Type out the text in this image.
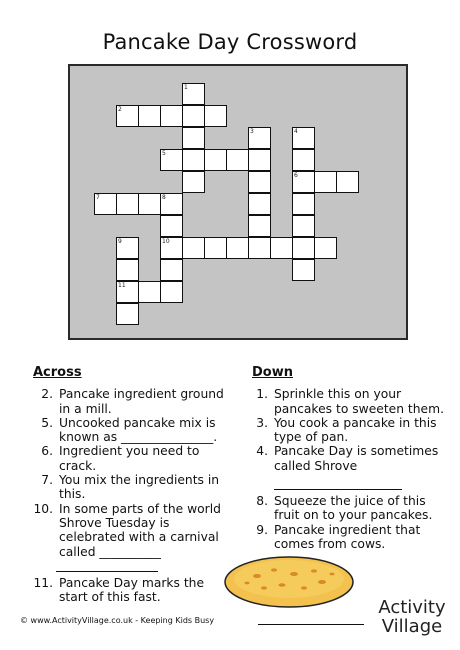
Pancake Day Crossword
1
2
3	4
5
6
7	8
9	10
11
Across
2. Pancake ingredient ground in a mill.
5. Uncooked pancake mix is known as _______________.
6. Ingredient you need to crack.
7. You mix the ingredients in this.
10. In some parts of the world Shrove Tuesday is celebrated with a carnival called __________
11. Pancake Day marks the start of this fast.
Down
1. Sprinkle this on your pancakes to sweeten them.
3. You cook a pancake in this type of pan.
4. Pancake Day is sometimes called Shrove
8. Squeeze the juice of this fruit on to your pancakes.
9. Pancake ingredient that comes from cows.
© www.ActivityVillage.co.uk - Keeping Kids Busy
Activity
Village
